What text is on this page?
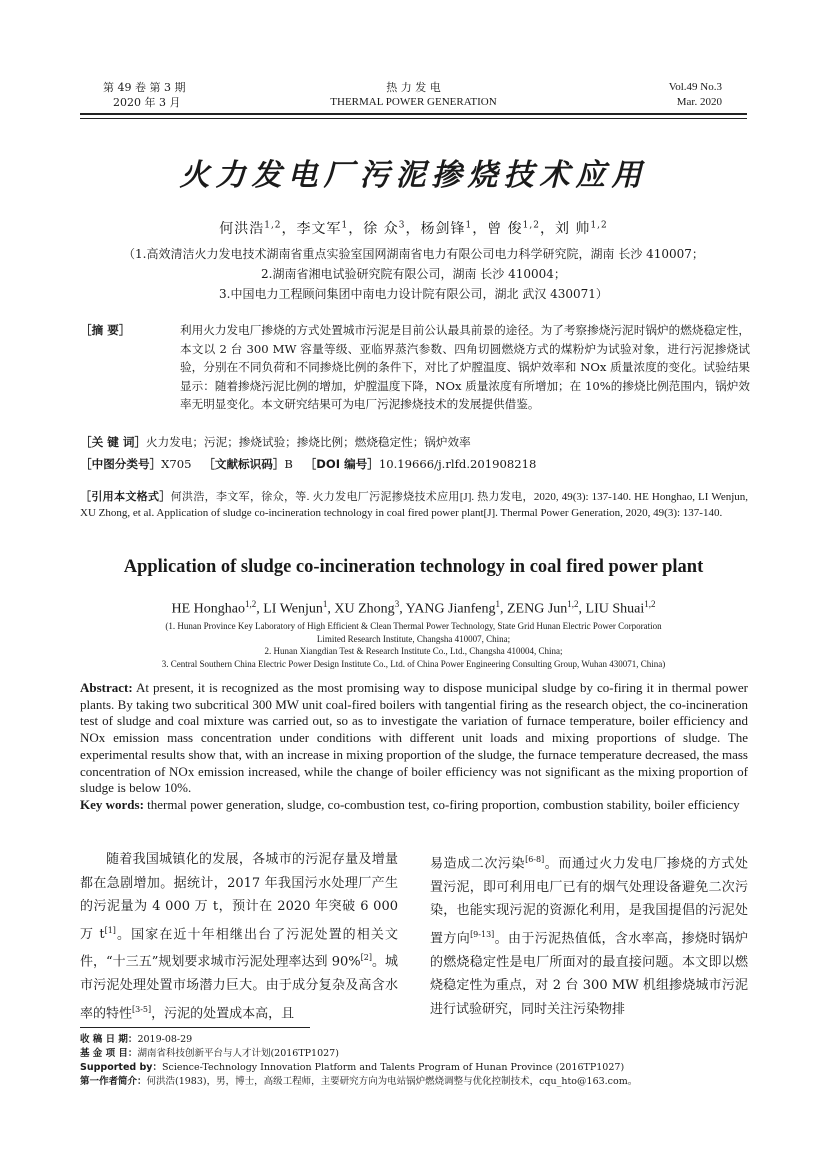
第 49 卷 第 3 期
2020 年 3 月
热 力 发 电
THERMAL POWER GENERATION
Vol.49 No.3
Mar. 2020
火力发电厂污泥掺烧技术应用
何洪浩$^{1,2}$，李文军$^1$，徐 众$^3$，杨剑锋$^1$，曾 俊$^{1,2}$，刘 帅$^{1,2}$
（1.高效清洁火力发电技术湖南省重点实验室国网湖南省电力有限公司电力科学研究院，湖南 长沙 410007；
2.湖南省湘电试验研究院有限公司，湖南 长沙 410004；
3.中国电力工程顾问集团中南电力设计院有限公司，湖北 武汉 430071）
［摘 要］	利用火力发电厂掺烧的方式处置城市污泥是目前公认最具前景的途径。为了考察掺烧污泥时锅炉的燃烧稳定性，本文以 2 台 300 MW 容量等级、亚临界蒸汽参数、四角切圆燃烧方式的煤粉炉为试验对象，进行污泥掺烧试验，分别在不同负荷和不同掺烧比例的条件下，对比了炉膛温度、锅炉效率和 NOx 质量浓度的变化。试验结果显示：随着掺烧污泥比例的增加，炉膛温度下降，NOx 质量浓度有所增加；在 10%的掺烧比例范围内，锅炉效率无明显变化。本文研究结果可为电厂污泥掺烧技术的发展提供借鉴。
［关 键 词］火力发电；污泥；掺烧试验；掺烧比例；燃烧稳定性；锅炉效率
［中图分类号］X705 ［文献标识码］B ［DOI 编号］10.19666/j.rlfd.201908218
［引用本文格式］何洪浩，李文军，徐众，等. 火力发电厂污泥掺烧技术应用[J]. 热力发电，2020, 49(3): 137-140. HE Honghao, LI Wenjun, XU Zhong, et al. Application of sludge co-incineration technology in coal fired power plant[J]. Thermal Power Generation, 2020, 49(3): 137-140.
Application of sludge co-incineration technology in coal fired power plant
HE Honghao$^{1,2}$, LI Wenjun$^1$, XU Zhong$^3$, YANG Jianfeng$^1$, ZENG Jun$^{1,2}$, LIU Shuai$^{1,2}$
(1. Hunan Province Key Laboratory of High Efficient & Clean Thermal Power Technology, State Grid Hunan Electric Power Corporation
Limited Research Institute, Changsha 410007, China;
2. Hunan Xiangdian Test & Research Institute Co., Ltd., Changsha 410004, China;
3. Central Southern China Electric Power Design Institute Co., Ltd. of China Power Engineering Consulting Group, Wuhan 430071, China)
Abstract: At present, it is recognized as the most promising way to dispose municipal sludge by co-firing it in thermal power plants. By taking two subcritical 300 MW unit coal-fired boilers with tangential firing as the research object, the co-incineration test of sludge and coal mixture was carried out, so as to investigate the variation of furnace temperature, boiler efficiency and NOx emission mass concentration under conditions with different unit loads and mixing proportions of sludge. The experimental results show that, with an increase in mixing proportion of the sludge, the furnace temperature decreased, the mass concentration of NOx emission increased, while the change of boiler efficiency was not significant as the mixing proportion of sludge is below 10%.
Key words: thermal power generation, sludge, co-combustion test, co-firing proportion, combustion stability, boiler efficiency
随着我国城镇化的发展，各城市的污泥存量及增量都在急剧增加。据统计，2017 年我国污水处理厂产生的污泥量为 4 000 万 t，预计在 2020 年突破 6 000 万 t[1]。国家在近十年相继出台了污泥处置的相关文件，“十三五”规划要求城市污泥处理率达到 90%[2]。城市污泥处理处置市场潜力巨大。由于成分复杂及高含水率的特性[3-5]，污泥的处置成本高，且
易造成二次污染[6-8]。而通过火力发电厂掺烧的方式处置污泥，即可利用电厂已有的烟气处理设备避免二次污染，也能实现污泥的资源化利用，是我国提倡的污泥处置方向[9-13]。由于污泥热值低，含水率高，掺烧时锅炉的燃烧稳定性是电厂所面对的最直接问题。本文即以燃烧稳定性为重点，对 2 台 300 MW 机组掺烧城市污泥进行试验研究，同时关注污染物排
收 稿 日 期：2019-08-29
基 金 项 目：湖南省科技创新平台与人才计划(2016TP1027)
Supported by：Science-Technology Innovation Platform and Talents Program of Hunan Province (2016TP1027)
第一作者简介：何洪浩(1983)，男，博士，高级工程师，主要研究方向为电站锅炉燃烧调整与优化控制技术，cqu_hto@163.com。
